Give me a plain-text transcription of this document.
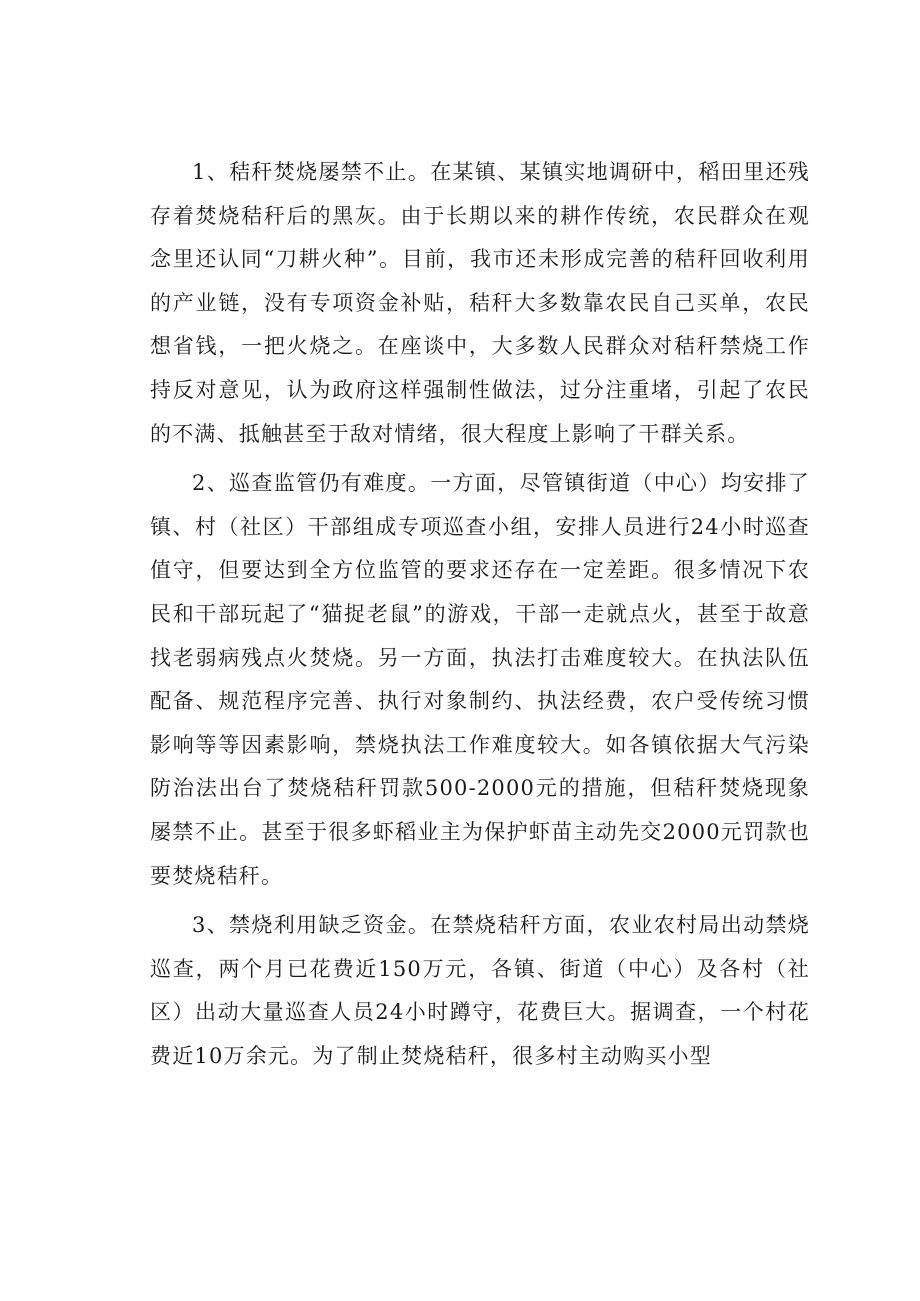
1、秸秆焚烧屡禁不止。在某镇、某镇实地调研中，稻田里还残存着焚烧秸秆后的黑灰。由于长期以来的耕作传统，农民群众在观念里还认同“刀耕火种”。目前，我市还未形成完善的秸秆回收利用的产业链，没有专项资金补贴，秸秆大多数靠农民自己买单，农民想省钱，一把火烧之。在座谈中，大多数人民群众对秸秆禁烧工作持反对意见，认为政府这样强制性做法，过分注重堵，引起了农民的不满、抵触甚至于敌对情绪，很大程度上影响了干群关系。

2、巡查监管仍有难度。一方面，尽管镇街道（中心）均安排了镇、村（社区）干部组成专项巡查小组，安排人员进行24小时巡查值守，但要达到全方位监管的要求还存在一定差距。很多情况下农民和干部玩起了“猫捉老鼠”的游戏，干部一走就点火，甚至于故意找老弱病残点火焚烧。另一方面，执法打击难度较大。在执法队伍配备、规范程序完善、执行对象制约、执法经费，农户受传统习惯影响等等因素影响，禁烧执法工作难度较大。如各镇依据大气污染防治法出台了焚烧秸秆罚款500-2000元的措施，但秸秆焚烧现象屡禁不止。甚至于很多虾稻业主为保护虾苗主动先交2000元罚款也要焚烧秸秆。

3、禁烧利用缺乏资金。在禁烧秸秆方面，农业农村局出动禁烧巡查，两个月已花费近150万元，各镇、街道（中心）及各村（社区）出动大量巡查人员24小时蹲守，花费巨大。据调查，一个村花费近10万余元。为了制止焚烧秸秆，很多村主动购买小型
